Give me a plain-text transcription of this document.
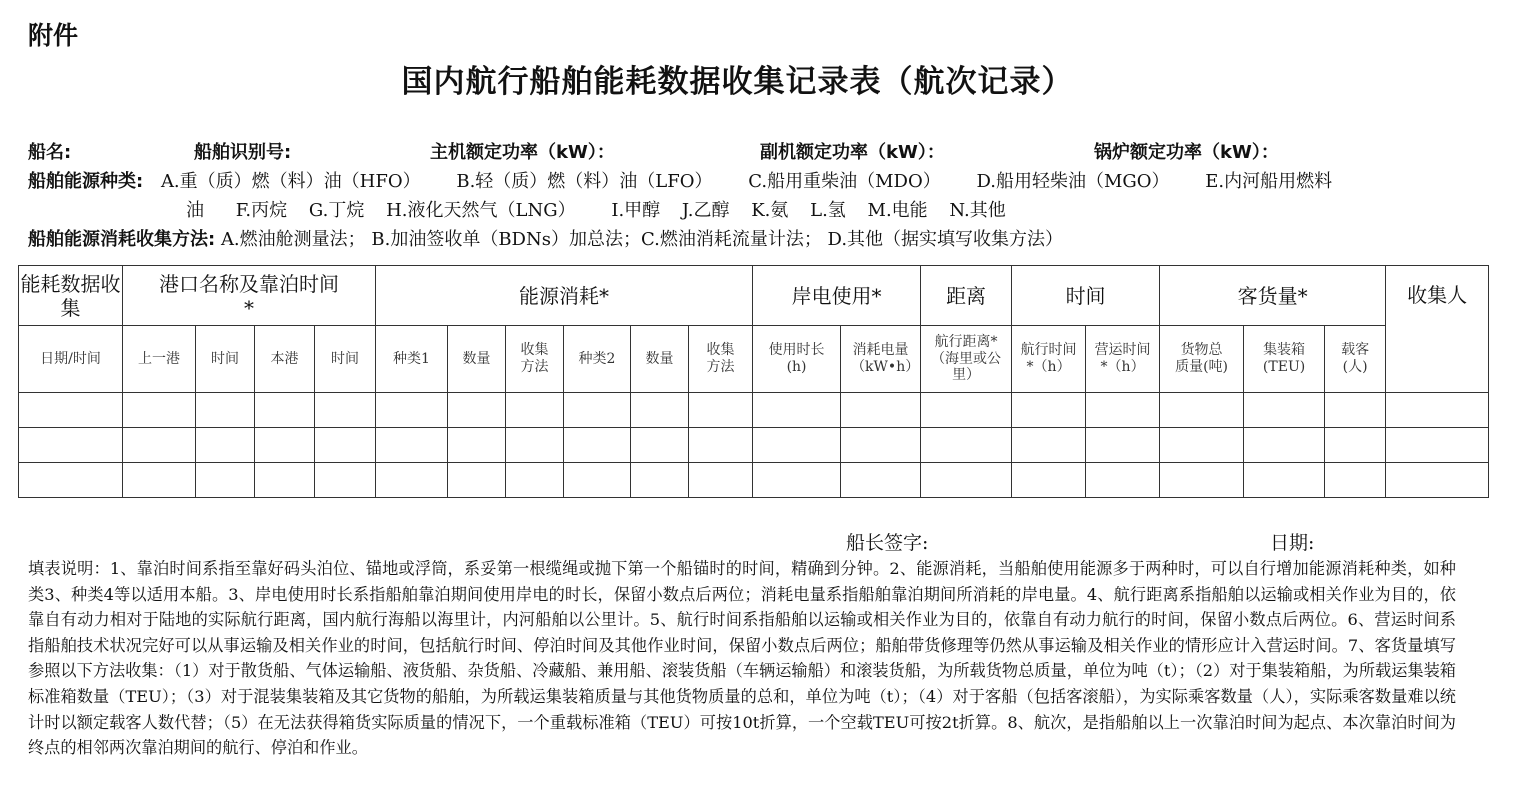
附件
国内航行船舶能耗数据收集记录表（航次记录）
船名:	船舶识别号:	主机额定功率（kW）：	副机额定功率（kW）：	锅炉额定功率（kW）：
船舶能源种类: A.重（质）燃（料）油（HFO） B.轻（质）燃（料）油（LFO） C.船用重柴油（MDO） D.船用轻柴油（MGO） E.内河船用燃料
油 F.丙烷 G.丁烷 H.液化天然气（LNG） I.甲醇 J.乙醇 K.氨 L.氢 M.电能 N.其他
船舶能源消耗收集方法: A.燃油舱测量法； B.加油签收单（BDNs）加总法；C.燃油消耗流量计法； D.其他（据实填写收集方法）
能耗数据收集	港口名称及靠泊时间*				能源消耗*						岸电使用*		距离	时间		客货量*			收集人
日期/时间	上一港	时间	本港	时间	种类1	数量	收集方法	种类2	数量	收集方法	使用时长(h)	消耗电量（kW•h）	航行距离*（海里或公里）	航行时间*（h）	营运时间*（h）	货物总质量(吨)	集装箱(TEU)	载客(人)	

船长签字:	日期:
填表说明：1、靠泊时间系指至靠好码头泊位、锚地或浮筒，系妥第一根缆绳或抛下第一个船锚时的时间，精确到分钟。2、能源消耗，当船舶使用能源多于两种时，可以自行增加能源消耗种类，如种类3、种类4等以适用本船。3、岸电使用时长系指船舶靠泊期间使用岸电的时长，保留小数点后两位；消耗电量系指船舶靠泊期间所消耗的岸电量。4、航行距离系指船舶以运输或相关作业为目的，依靠自有动力相对于陆地的实际航行距离，国内航行海船以海里计，内河船舶以公里计。5、航行时间系指船舶以运输或相关作业为目的，依靠自有动力航行的时间，保留小数点后两位。6、营运时间系指船舶技术状况完好可以从事运输及相关作业的时间，包括航行时间、停泊时间及其他作业时间，保留小数点后两位；船舶带货修理等仍然从事运输及相关作业的情形应计入营运时间。7、客货量填写参照以下方法收集：（1）对于散货船、气体运输船、液货船、杂货船、冷藏船、兼用船、滚装货船（车辆运输船）和滚装货船，为所载货物总质量，单位为吨（t）；（2）对于集装箱船，为所载运集装箱标准箱数量（TEU）；（3）对于混装集装箱及其它货物的船舶，为所载运集装箱质量与其他货物质量的总和，单位为吨（t）；（4）对于客船（包括客滚船），为实际乘客数量（人），实际乘客数量难以统计时以额定载客人数代替；（5）在无法获得箱货实际质量的情况下，一个重载标准箱（TEU）可按10t折算，一个空载TEU可按2t折算。8、航次，是指船舶以上一次靠泊时间为起点、本次靠泊时间为终点的相邻两次靠泊期间的航行、停泊和作业。
